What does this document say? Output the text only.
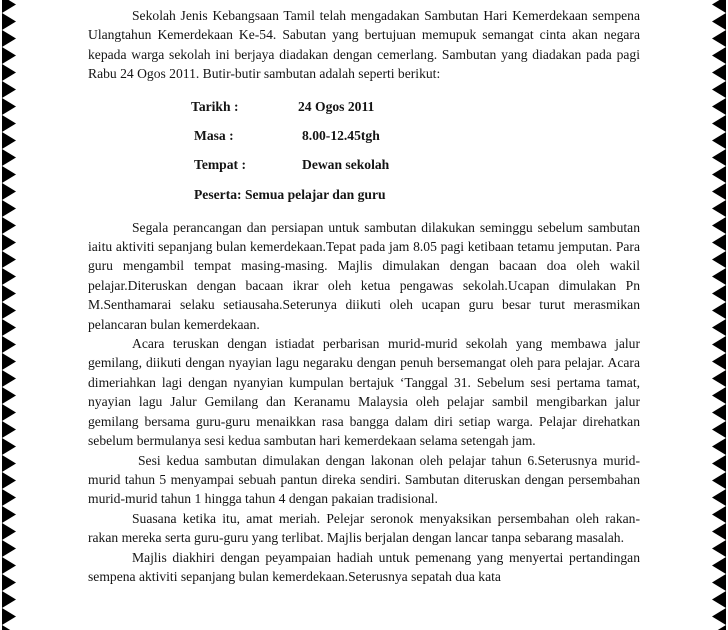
Sekolah Jenis Kebangsaan Tamil telah mengadakan Sambutan Hari Kemerdekaan sempena Ulangtahun Kemerdekaan Ke-54. Sabutan yang bertujuan memupuk semangat cinta akan negara kepada warga sekolah ini berjaya diadakan dengan cemerlang. Sambutan yang diadakan pada pagi Rabu 24 Ogos 2011. Butir-butir sambutan adalah seperti berikut:

Tarikh :	24 Ogos 2011
Masa :	8.00-12.45tgh
Tempat :	Dewan sekolah
Peserta: Semua pelajar dan guru

Segala perancangan dan persiapan untuk sambutan dilakukan seminggu sebelum sambutan iaitu aktiviti sepanjang bulan kemerdekaan.Tepat pada jam 8.05 pagi ketibaan tetamu jemputan. Para guru mengambil tempat masing-masing. Majlis dimulakan dengan bacaan doa oleh wakil pelajar.Diteruskan dengan bacaan ikrar oleh ketua pengawas sekolah.Ucapan dimulakan Pn M.Senthamarai selaku setiausaha.Seterunya diikuti oleh ucapan guru besar turut merasmikan pelancaran bulan kemerdekaan.

Acara teruskan dengan istiadat perbarisan murid-murid sekolah yang membawa jalur gemilang, diikuti dengan nyayian lagu negaraku dengan penuh bersemangat oleh para pelajar. Acara dimeriahkan lagi dengan nyanyian kumpulan bertajuk ‘Tanggal 31. Sebelum sesi pertama tamat, nyayian lagu Jalur Gemilang dan Keranamu Malaysia oleh pelajar sambil mengibarkan jalur gemilang bersama guru-guru menaikkan rasa bangga dalam diri setiap warga. Pelajar direhatkan sebelum bermulanya sesi kedua sambutan hari kemerdekaan selama setengah jam.

Sesi kedua sambutan dimulakan dengan lakonan oleh pelajar tahun 6.Seterusnya murid-murid tahun 5 menyampai sebuah pantun direka sendiri. Sambutan diteruskan dengan persembahan murid-murid tahun 1 hingga tahun 4 dengan pakaian tradisional.

Suasana ketika itu, amat meriah. Pelejar seronok menyaksikan persembahan oleh rakan-rakan mereka serta guru-guru yang terlibat. Majlis berjalan dengan lancar tanpa sebarang masalah.

Majlis diakhiri dengan peyampaian hadiah untuk pemenang yang menyertai pertandingan sempena aktiviti sepanjang bulan kemerdekaan.Seterusnya sepatah dua kata
